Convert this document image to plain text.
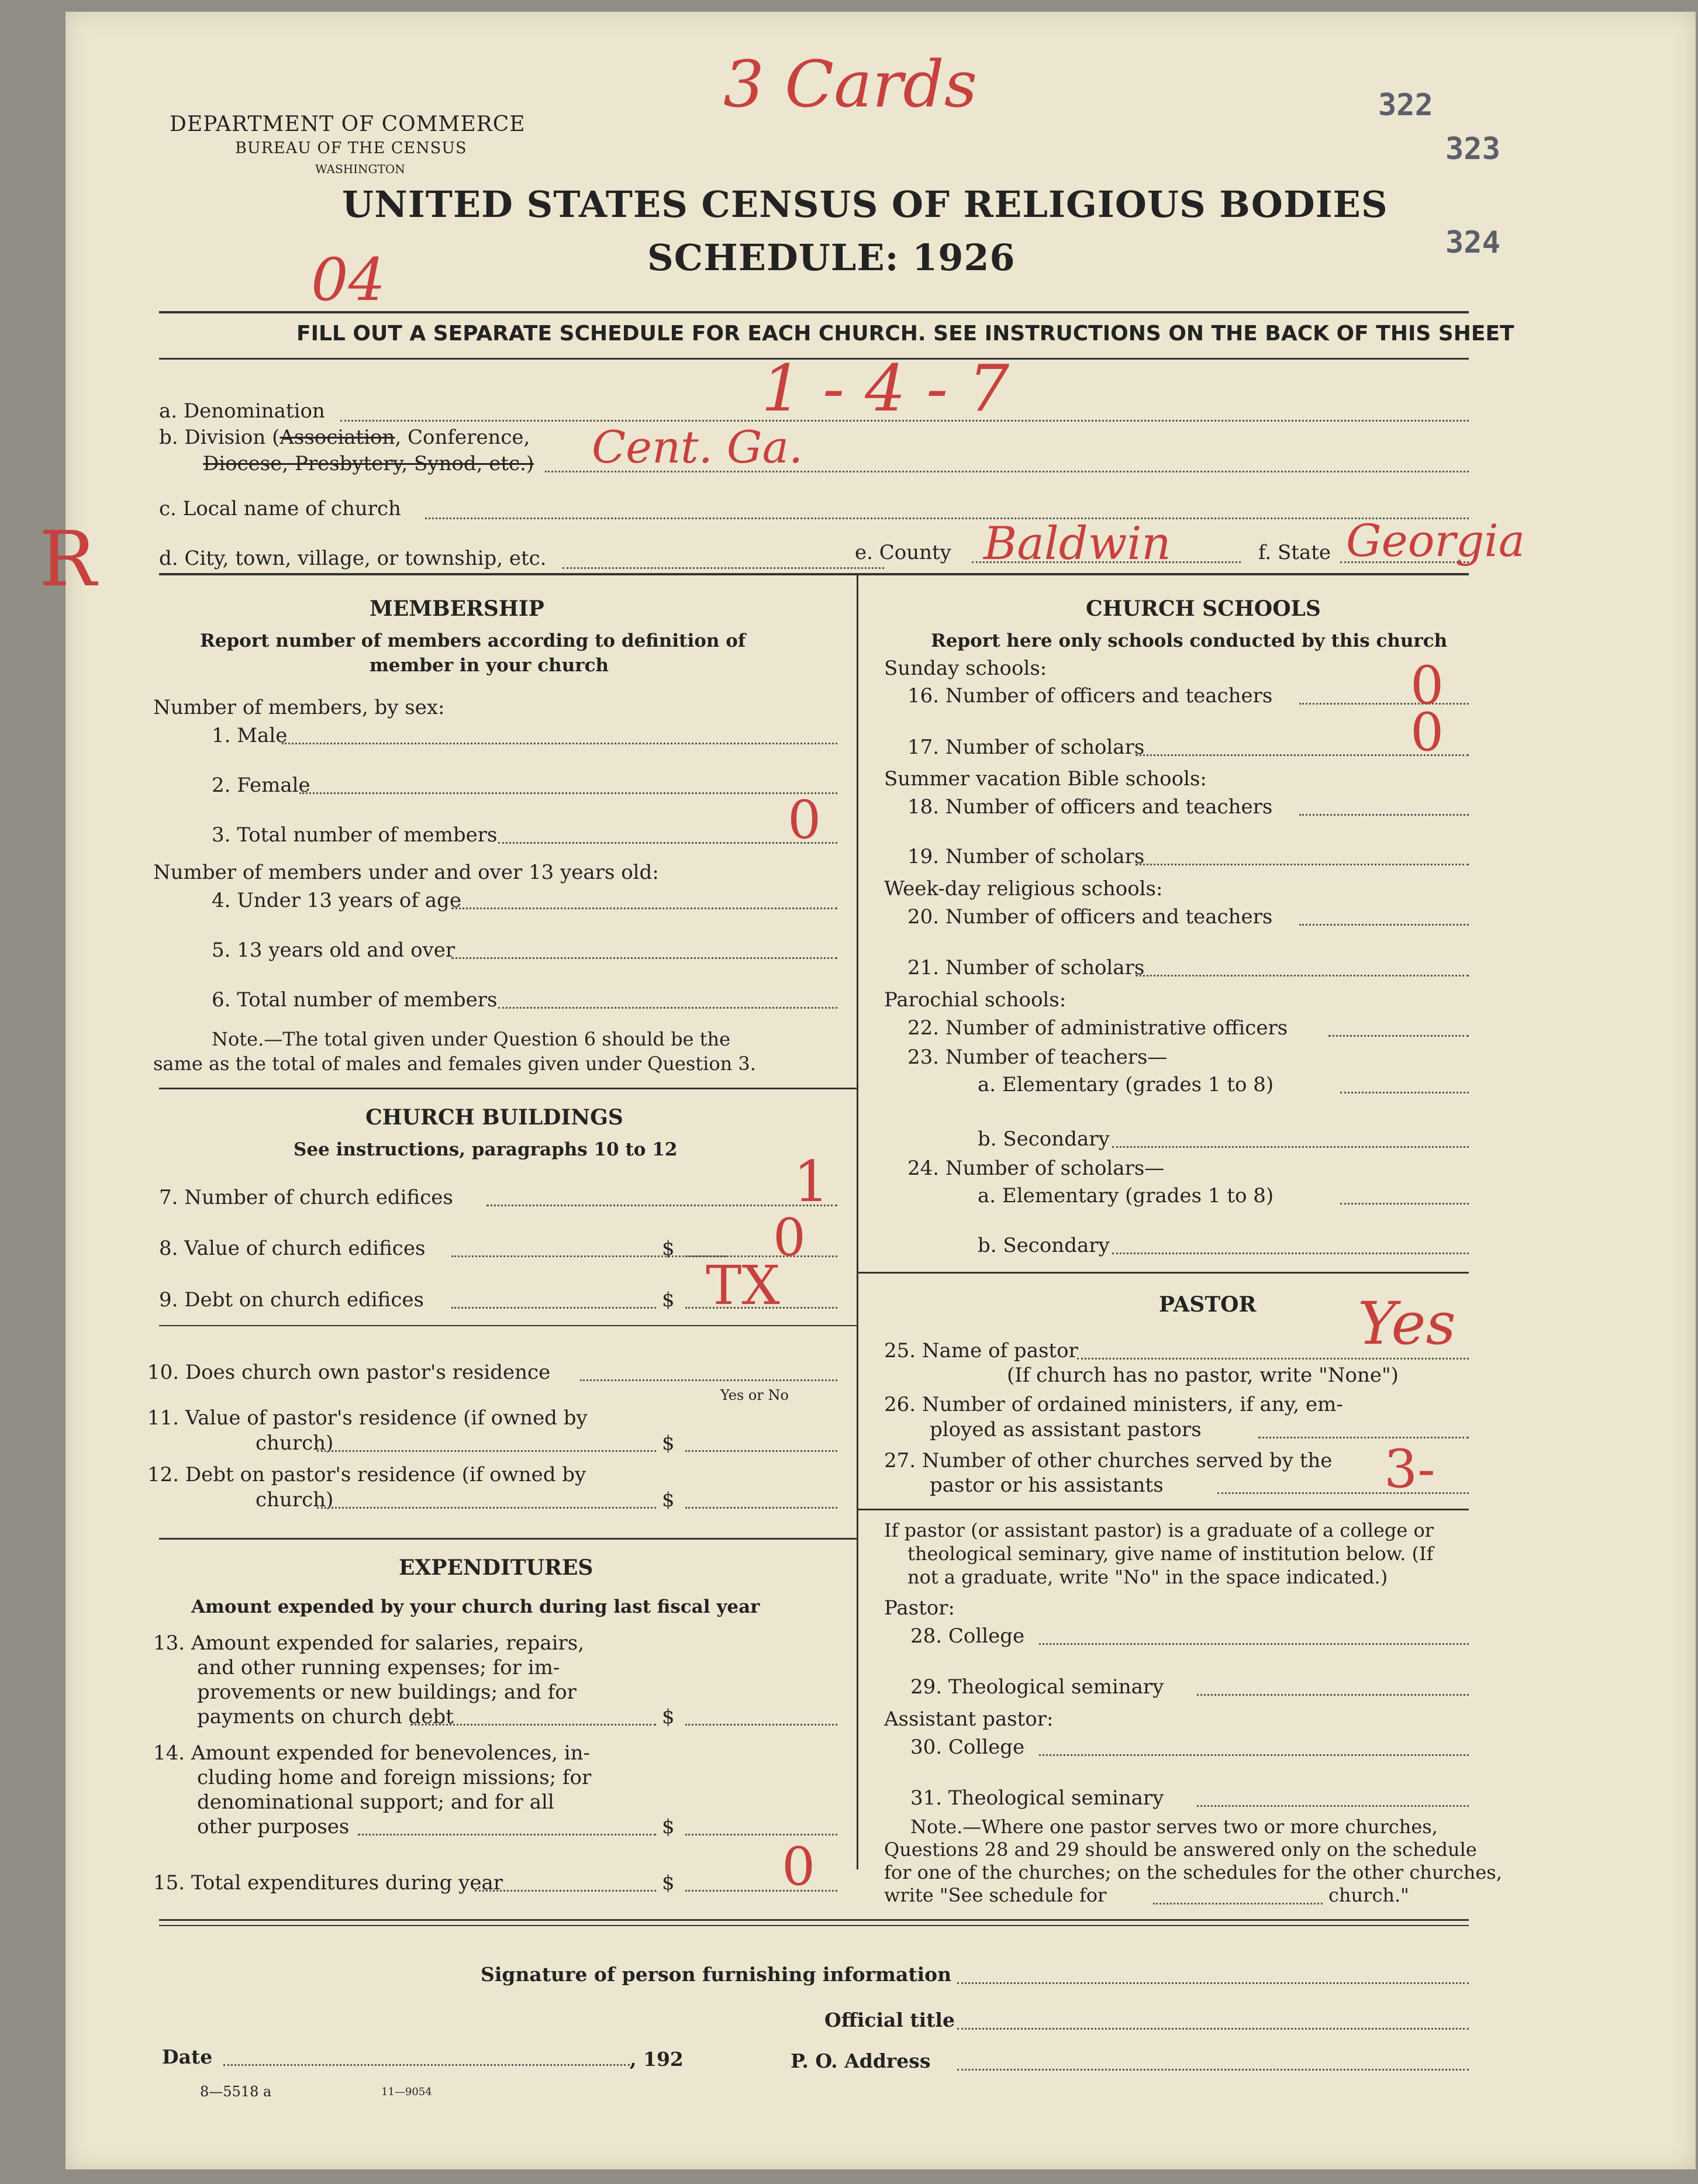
DEPARTMENT OF COMMERCE
BUREAU OF THE CENSUS
WASHINGTON
UNITED STATES CENSUS OF RELIGIOUS BODIES
SCHEDULE: 1926
FILL OUT A SEPARATE SCHEDULE FOR EACH CHURCH. SEE INSTRUCTIONS ON THE BACK OF THIS SHEET
322
323
324
3 Cards
04
R
a. Denomination	1 - 4 - 7
b. Division (Association, Conference,
Diocese, Presbytery, Synod, etc.) Cent. Ga.
c. Local name of church
d. City, town, village, or township, etc.	e. County Baldwin	f. State Georgia
MEMBERSHIP
Report number of members according to definition of
member in your church
Number of members, by sex:
1. Male
2. Female
3. Total number of members	0
Number of members under and over 13 years old:
4. Under 13 years of age
5. 13 years old and over
6. Total number of members
Note.—The total given under Question 6 should be the
same as the total of males and females given under Question 3.
CHURCH BUILDINGS
See instructions, paragraphs 10 to 12
7. Number of church edifices	1
8. Value of church edifices	$ 0
9. Debt on church edifices	$ TX
10. Does church own pastor's residence
Yes or No
11. Value of pastor's residence (if owned by
church)	$
12. Debt on pastor's residence (if owned by
church)	$
EXPENDITURES
Amount expended by your church during last fiscal year
13. Amount expended for salaries, repairs,
and other running expenses; for im-
provements or new buildings; and for
payments on church debt	$
14. Amount expended for benevolences, in-
cluding home and foreign missions; for
denominational support; and for all
other purposes	$
15. Total expenditures during year	$ 0
CHURCH SCHOOLS
Report here only schools conducted by this church
Sunday schools:
16. Number of officers and teachers	0
17. Number of scholars	0
Summer vacation Bible schools:
18. Number of officers and teachers
19. Number of scholars
Week-day religious schools:
20. Number of officers and teachers
21. Number of scholars
Parochial schools:
22. Number of administrative officers
23. Number of teachers—
a. Elementary (grades 1 to 8)
b. Secondary
24. Number of scholars—
a. Elementary (grades 1 to 8)
b. Secondary
PASTOR
25. Name of pastor	Yes
(If church has no pastor, write "None")
26. Number of ordained ministers, if any, em-
ployed as assistant pastors
27. Number of other churches served by the
pastor or his assistants	3-
If pastor (or assistant pastor) is a graduate of a college or
theological seminary, give name of institution below. (If
not a graduate, write "No" in the space indicated.)
Pastor:
28. College
29. Theological seminary
Assistant pastor:
30. College
31. Theological seminary
Note.—Where one pastor serves two or more churches,
Questions 28 and 29 should be answered only on the schedule
for one of the churches; on the schedules for the other churches,
write "See schedule for	church."
Signature of person furnishing information
Official title
Date	, 192	P. O. Address
8—5518 a	11—9054
